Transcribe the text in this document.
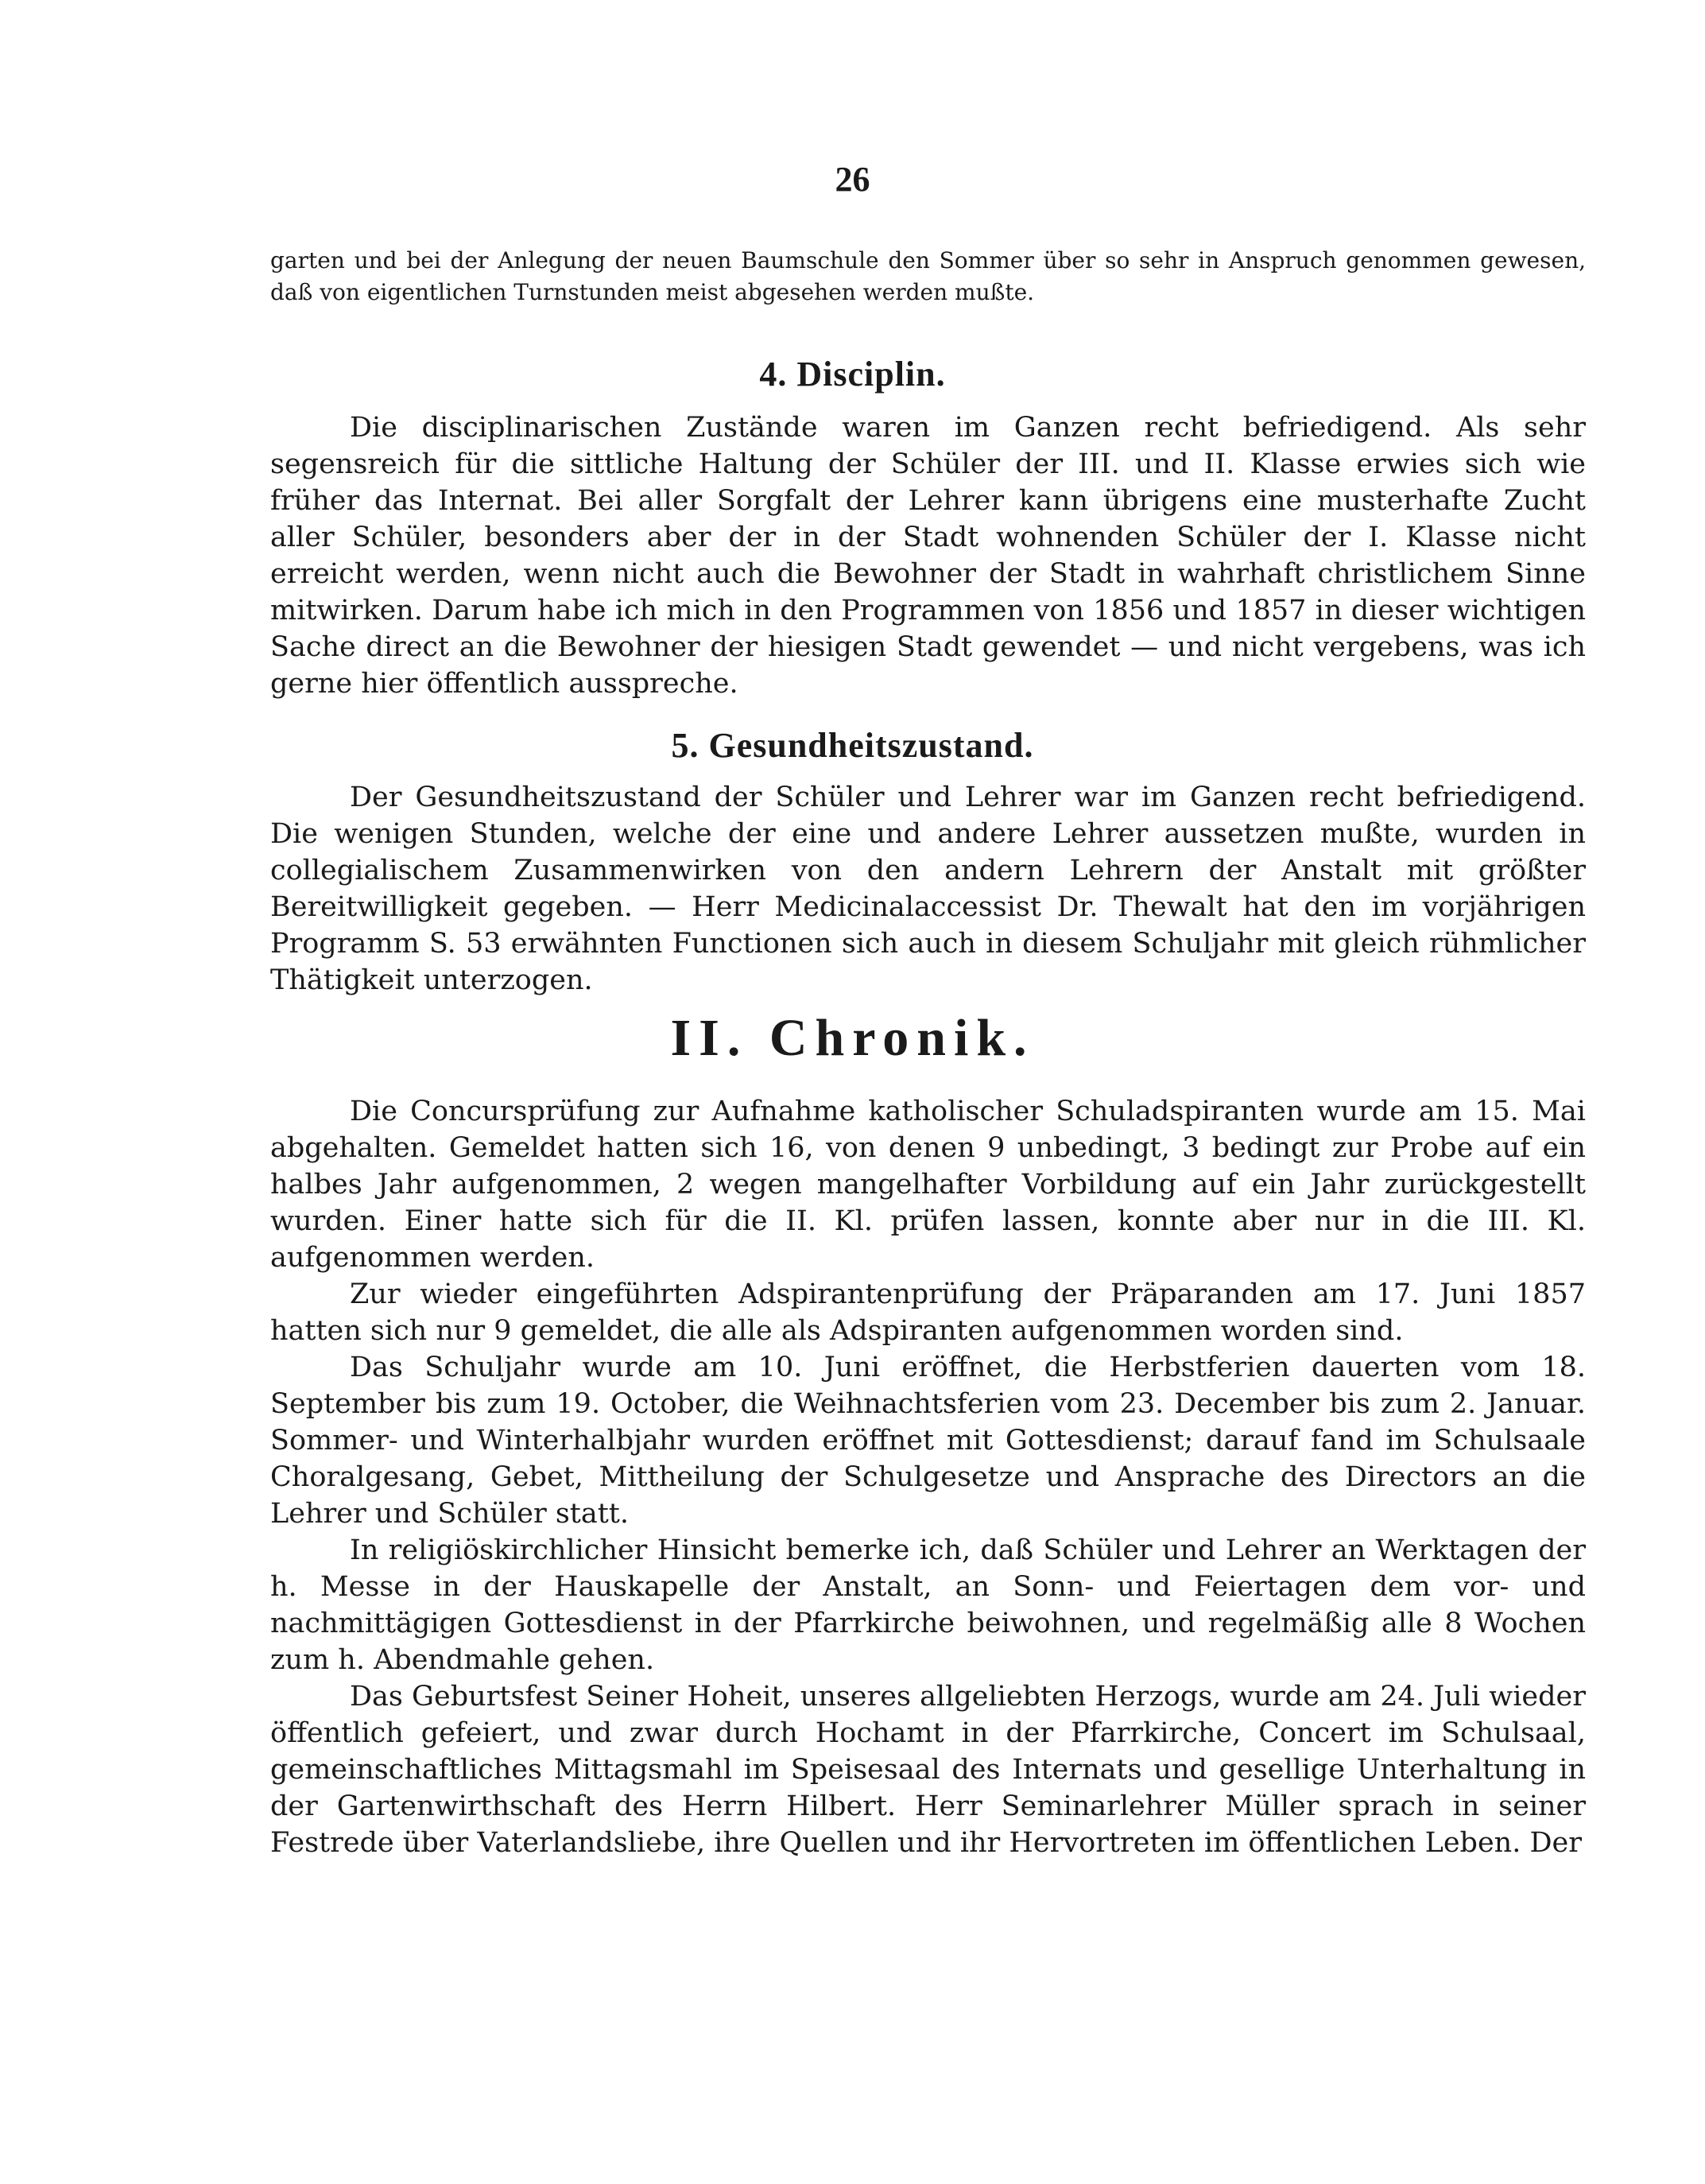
26
garten und bei der Anlegung der neuen Baumschule den Sommer über so sehr in Anspruch genommen gewesen, daß von eigentlichen Turnstunden meist abgesehen werden mußte.
4. Disciplin.

Die disciplinarischen Zustände waren im Ganzen recht befriedigend. Als sehr segensreich für die sittliche Haltung der Schüler der III. und II. Klasse erwies sich wie früher das Internat. Bei aller Sorgfalt der Lehrer kann übrigens eine musterhafte Zucht aller Schüler, besonders aber der in der Stadt wohnenden Schüler der I. Klasse nicht erreicht werden, wenn nicht auch die Bewohner der Stadt in wahrhaft christlichem Sinne mitwirken. Darum habe ich mich in den Programmen von 1856 und 1857 in dieser wichtigen Sache direct an die Bewohner der hiesigen Stadt gewendet — und nicht vergebens, was ich gerne hier öffentlich ausspreche.

5. Gesundheitszustand.

Der Gesundheitszustand der Schüler und Lehrer war im Ganzen recht befriedigend. Die wenigen Stunden, welche der eine und andere Lehrer aussetzen mußte, wurden in collegialischem Zusammenwirken von den andern Lehrern der Anstalt mit größter Bereitwilligkeit gegeben. — Herr Medicinalaccessist Dr. Thewalt hat den im vorjährigen Programm S. 53 erwähnten Functionen sich auch in diesem Schuljahr mit gleich rühmlicher Thätigkeit unterzogen.

II. Chronik.

Die Concursprüfung zur Aufnahme katholischer Schuladspiranten wurde am 15. Mai abgehalten. Gemeldet hatten sich 16, von denen 9 unbedingt, 3 bedingt zur Probe auf ein halbes Jahr aufgenommen, 2 wegen mangelhafter Vorbildung auf ein Jahr zurückgestellt wurden. Einer hatte sich für die II. Kl. prüfen lassen, konnte aber nur in die III. Kl. aufgenommen werden.

Zur wieder eingeführten Adspirantenprüfung der Präparanden am 17. Juni 1857 hatten sich nur 9 gemeldet, die alle als Adspiranten aufgenommen worden sind.

Das Schuljahr wurde am 10. Juni eröffnet, die Herbstferien dauerten vom 18. September bis zum 19. October, die Weihnachtsferien vom 23. December bis zum 2. Januar. Sommer- und Winterhalbjahr wurden eröffnet mit Gottesdienst; darauf fand im Schulsaale Choralgesang, Gebet, Mittheilung der Schulgesetze und Ansprache des Directors an die Lehrer und Schüler statt.

In religiöskirchlicher Hinsicht bemerke ich, daß Schüler und Lehrer an Werktagen der h. Messe in der Hauskapelle der Anstalt, an Sonn- und Feiertagen dem vor- und nachmittägigen Gottesdienst in der Pfarrkirche beiwohnen, und regelmäßig alle 8 Wochen zum h. Abendmahle gehen.

Das Geburtsfest Seiner Hoheit, unseres allgeliebten Herzogs, wurde am 24. Juli wieder öffentlich gefeiert, und zwar durch Hochamt in der Pfarrkirche, Concert im Schulsaal, gemeinschaftliches Mittagsmahl im Speisesaal des Internats und gesellige Unterhaltung in der Gartenwirthschaft des Herrn Hilbert. Herr Seminarlehrer Müller sprach in seiner Festrede über Vaterlandsliebe, ihre Quellen und ihr Hervortreten im öffentlichen Leben. Der
